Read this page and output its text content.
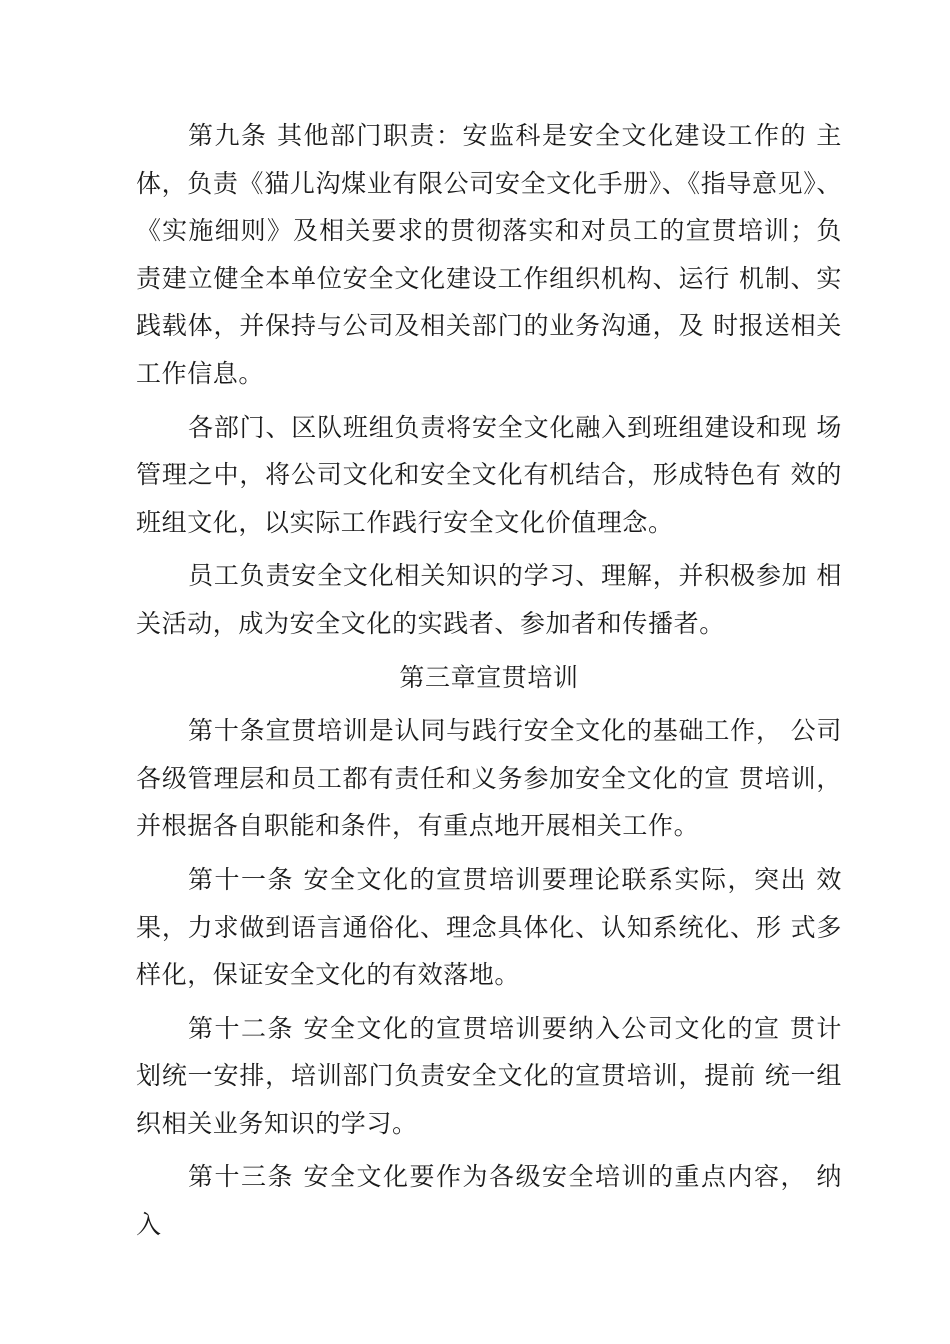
第九条 其他部门职责：安监科是安全文化建设工作的 主体，负责《猫儿沟煤业有限公司安全文化手册》、《指导意见》、《实施细则》及相关要求的贯彻落实和对员工的宣贯培训；负责建立健全本单位安全文化建设工作组织机构、运行 机制、实践载体，并保持与公司及相关部门的业务沟通，及 时报送相关工作信息。

各部门、区队班组负责将安全文化融入到班组建设和现 场管理之中，将公司文化和安全文化有机结合，形成特色有 效的班组文化，以实际工作践行安全文化价值理念。

员工负责安全文化相关知识的学习、理解，并积极参加 相关活动，成为安全文化的实践者、参加者和传播者。

第三章宣贯培训

第十条宣贯培训是认同与践行安全文化的基础工作， 公司各级管理层和员工都有责任和义务参加安全文化的宣 贯培训，并根据各自职能和条件，有重点地开展相关工作。

第十一条 安全文化的宣贯培训要理论联系实际，突出 效果，力求做到语言通俗化、理念具体化、认知系统化、形 式多样化，保证安全文化的有效落地。

第十二条 安全文化的宣贯培训要纳入公司文化的宣 贯计划统一安排，培训部门负责安全文化的宣贯培训，提前 统一组织相关业务知识的学习。

第十三条 安全文化要作为各级安全培训的重点内容， 纳入
